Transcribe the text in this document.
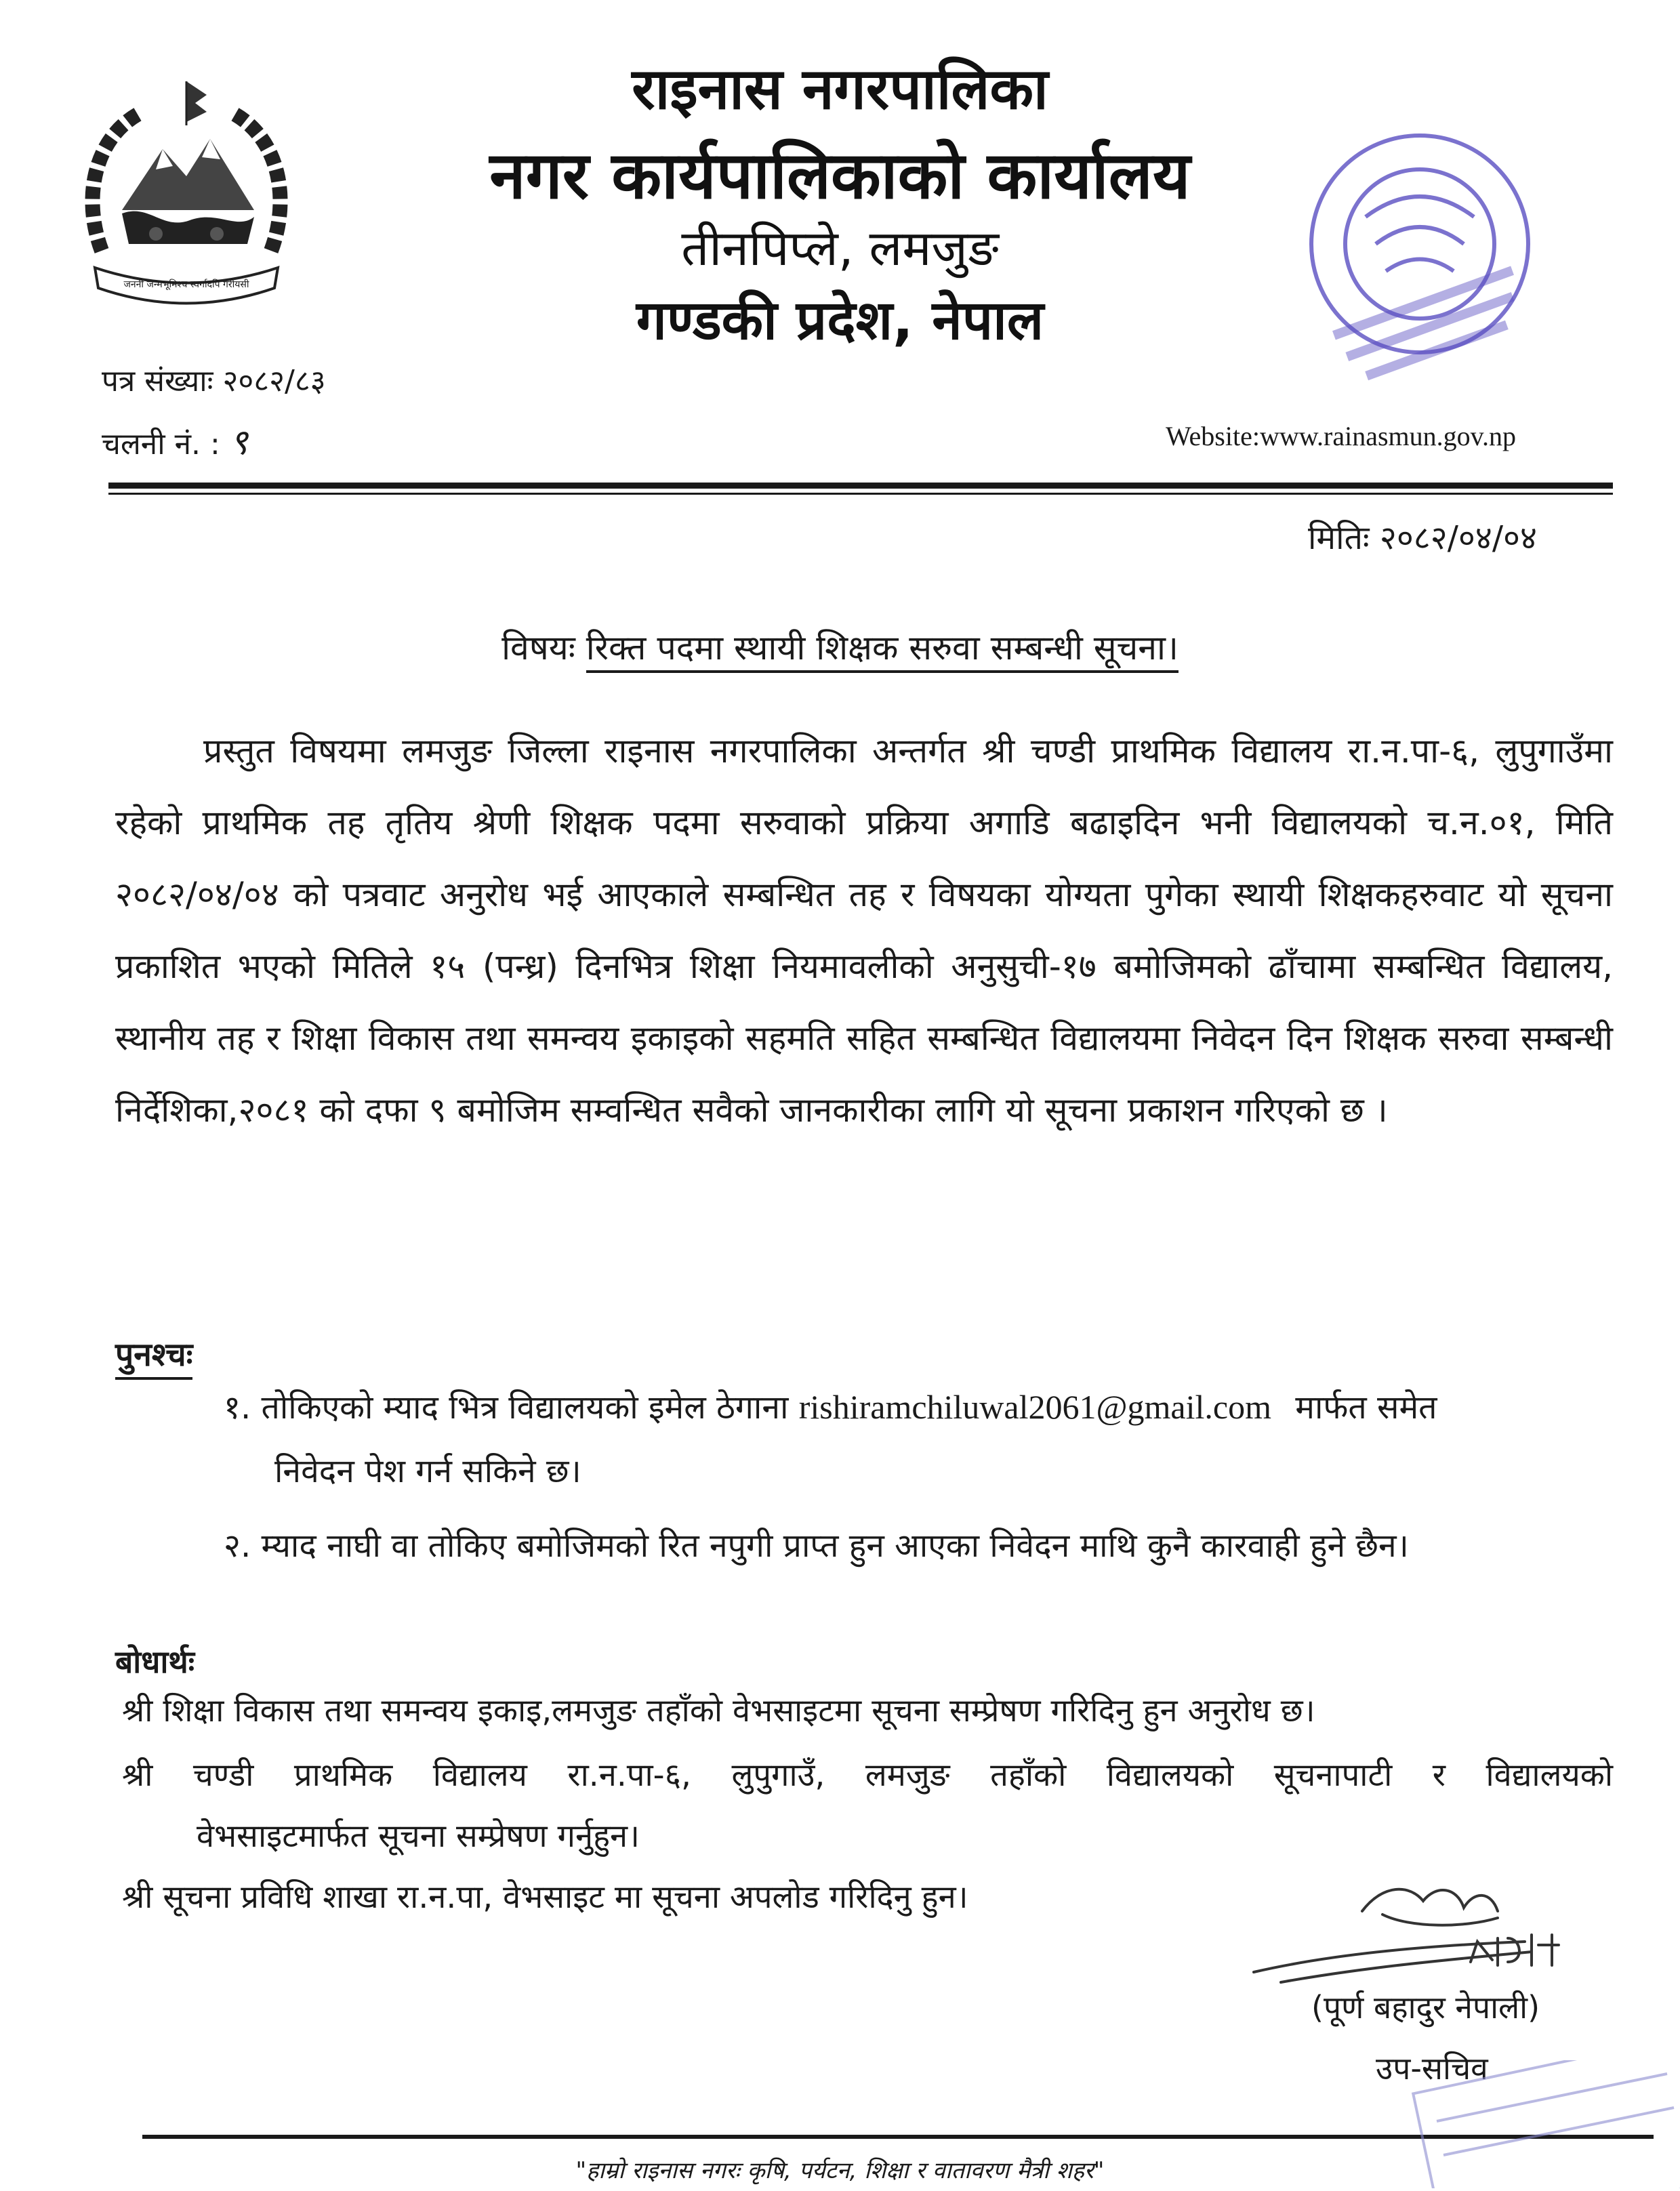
जननी जन्मभूमिश्च स्वर्गादपि गरीयसी
राइनास नगरपालिका
नगर कार्यपालिकाको कार्यालय
तीनपिप्ले, लमजुङ
गण्डकी प्रदेश, नेपाल
पत्र संख्याः २०८२/८३
चलनी नं. : ९	Website:www.rainasmun.gov.np
मितिः २०८२/०४/०४
विषयः रिक्त पदमा स्थायी शिक्षक सरुवा सम्बन्धी सूचना।
प्रस्तुत विषयमा लमजुङ जिल्ला राइनास नगरपालिका अन्तर्गत श्री चण्डी प्राथमिक विद्यालय रा.न.पा-६, लुपुगाउँमा रहेको प्राथमिक तह तृतिय श्रेणी शिक्षक पदमा सरुवाको प्रक्रिया अगाडि बढाइदिन भनी विद्यालयको च.न.०१, मिति २०८२/०४/०४ को पत्रवाट अनुरोध भई आएकाले सम्बन्धित तह र विषयका योग्यता पुगेका स्थायी शिक्षकहरुवाट यो सूचना प्रकाशित भएको मितिले १५ (पन्ध्र) दिनभित्र शिक्षा नियमावलीको अनुसुची-१७ बमोजिमको ढाँचामा सम्बन्धित विद्यालय, स्थानीय तह र शिक्षा विकास तथा समन्वय इकाइको सहमति सहित सम्बन्धित विद्यालयमा निवेदन दिन शिक्षक सरुवा सम्बन्धी निर्देशिका,२०८१ को दफा ९ बमोजिम सम्वन्धित सवैको जानकारीका लागि यो सूचना प्रकाशन गरिएको छ ।
पुनश्चः
१. तोकिएको म्याद भित्र विद्यालयको इमेल ठेगाना rishiramchiluwal2061@gmail.com मार्फत समेत
निवेदन पेश गर्न सकिने छ।
२. म्याद नाघी वा तोकिए बमोजिमको रित नपुगी प्राप्त हुन आएका निवेदन माथि कुनै कारवाही हुने छैन।
बोधार्थः
श्री शिक्षा विकास तथा समन्वय इकाइ,लमजुङ तहाँको वेभसाइटमा सूचना सम्प्रेषण गरिदिनु हुन अनुरोध छ।
श्री चण्डी प्राथमिक विद्यालय रा.न.पा-६, लुपुगाउँ, लमजुङ तहाँको विद्यालयको सूचनापाटी र विद्यालयको
वेभसाइटमार्फत सूचना सम्प्रेषण गर्नुहुन।
श्री सूचना प्रविधि शाखा रा.न.पा, वेभसाइट मा सूचना अपलोड गरिदिनु हुन।
(पूर्ण बहादुर नेपाली)
उप-सचिव
"हाम्रो राइनास नगरः कृषि, पर्यटन, शिक्षा र वातावरण मैत्री शहर"
